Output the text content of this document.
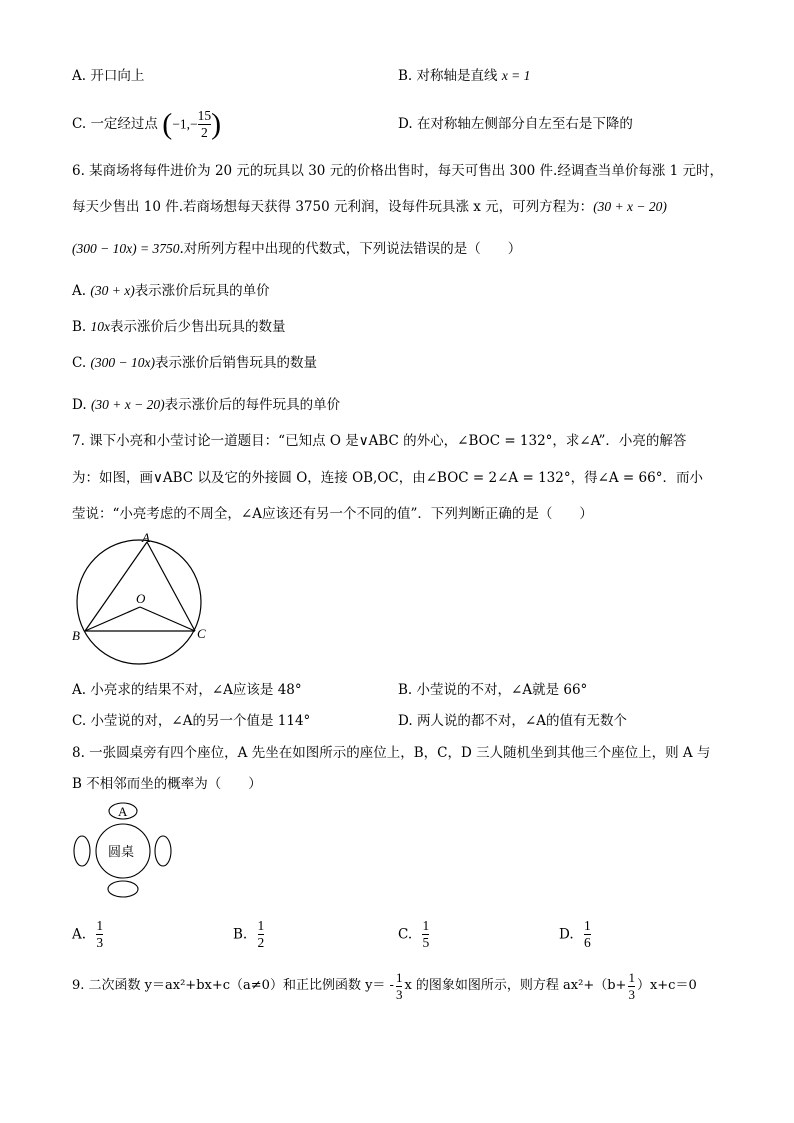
A. 开口向上	B. 对称轴是直线 x = 1
C. 一定经过点 ($-1,- \frac{15}{2}$ )	D. 在对称轴左侧部分自左至右是下降的
6. 某商场将每件进价为 20 元的玩具以 30 元的价格出售时，每天可售出 300 件.经调查当单价每涨 1 元时，
每天少售出 10 件.若商场想每天获得 3750 元利润，设每件玩具涨 x 元，可列方程为：(30 + x − 20)
(300 − 10x) = 3750.对所列方程中出现的代数式，下列说法错误的是（　　）
A. (30 + x)表示涨价后玩具的单价
B. 10x表示涨价后少售出玩具的数量
C. (300 − 10x)表示涨价后销售玩具的数量
D. (30 + x − 20)表示涨价后的每件玩具的单价
7. 课下小亮和小莹讨论一道题目：“已知点 O 是∨ABC 的外心，∠BOC = 132°，求∠A”．小亮的解答
为：如图，画∨ABC 以及它的外接圆 O，连接 OB,OC，由∠BOC = 2∠A = 132°，得∠A = 66°．而小
莹说：“小亮考虑的不周全，∠A应该还有另一个不同的值”．下列判断正确的是（　　）
A
O
B	C
A. 小亮求的结果不对，∠A应该是 48°	B. 小莹说的不对，∠A就是 66°
C. 小莹说的对，∠A的另一个值是 114°	D. 两人说的都不对，∠A的值有无数个
8. 一张圆桌旁有四个座位，A 先坐在如图所示的座位上，B，C，D 三人随机坐到其他三个座位上，则 A 与
B 不相邻而坐的概率为（　　）
A
圆桌
A. $\frac{1}{3}$	B. $\frac{1}{2}$	C. $\frac{1}{5}$	D. $\frac{1}{6}$
9. 二次函数 y＝ax²+bx+c（a≠0）和正比例函数 $y= - \frac{1}{3}$ x 的图象如图所示，则方程 $ax^2+(b+ \frac{1}{3} )x+c=0$
